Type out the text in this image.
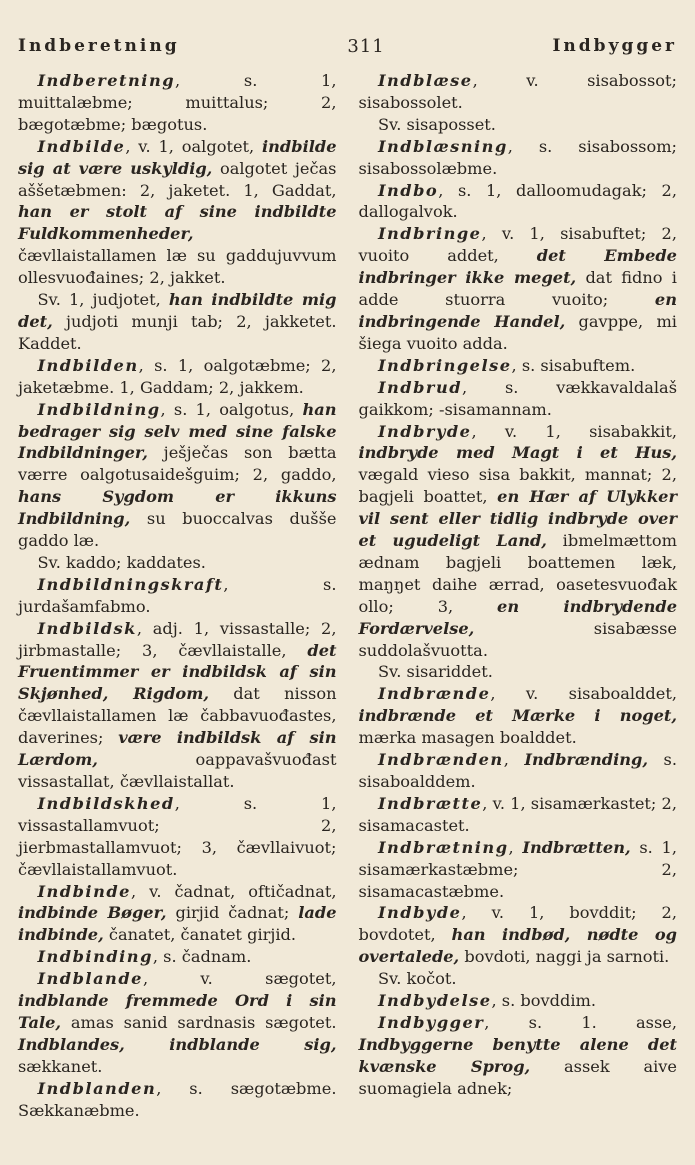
Indberetning	311	Indbygger

Indberetning, s. 1, muittalæbme; muittalus; 2, bægotæbme; bægotus.

Indbilde, v. 1, oalgotet, indbilde sig at være uskyldig, oalgotet ječas aššetæbmen: 2, jaketet. 1, Gaddat, han er stolt af sine indbildte Fuldkommenheder, čævllaistallamen læ su gaddujuvvum ollesvuođaines; 2, jakket.

Sv. 1, judjotet, han indbildte mig det, judjoti munji tab; 2, jakketet. Kaddet.

Indbilden, s. 1, oalgotæbme; 2, jaketæbme. 1, Gaddam; 2, jakkem.

Indbildning, s. 1, oalgotus, han bedrager sig selv med sine falske Indbildninger, ješječas son bætta værre oalgotusaidešguim; 2, gaddo, hans Sygdom er ikkuns Indbildning, su buoccalvas dušše gaddo læ.

Sv. kaddo; kaddates.

Indbildningskraft, s. jurdašamfabmo.

Indbildsk, adj. 1, vissastalle; 2, jirbmastalle; 3, čævllaistalle, det Fruentimmer er indbildsk af sin Skjønhed, Rigdom, dat nisson čævllaistallamen læ čabbavuođastes, daverines; være indbildsk af sin Lærdom, oappavašvuođast vissastallat, čævllaistallat.

Indbildskhed, s. 1, vissastallamvuot; 2, jierbmastallamvuot; 3, čævllaivuot; čævllaistallamvuot.

Indbinde, v. čadnat, oftičadnat, indbinde Bøger, girjid čadnat; lade indbinde, čanatet, čanatet girjid.

Indbinding, s. čadnam.

Indblande, v. sægotet, indblande fremmede Ord i sin Tale, amas sanid sardnasis sægotet. Indblandes, indblande sig, sækkanet.

Indblanden, s. sægotæbme. Sækkanæbme.

Indblæse, v. sisabossot; sisabossolet.

Sv. sisaposset.

Indblæsning, s. sisabossom; sisabossolæbme.

Indbo, s. 1, dalloomudagak; 2, dallogalvok.

Indbringe, v. 1, sisabuftet; 2, vuoito addet, det Embede indbringer ikke meget, dat fidno i adde stuorra vuoito; en indbringende Handel, gavppe, mi šiega vuoito adda.

Indbringelse, s. sisabuftem.

Indbrud, s. vækkavaldalaš gaikkom; -sisamannam.

Indbryde, v. 1, sisabakkit, indbryde med Magt i et Hus, vægald vieso sisa bakkit, mannat; 2, bagjeli boattet, en Hær af Ulykker vil sent eller tidlig indbryde over et ugudeligt Land, ibmelmættom ædnam bagjeli boattemen læk, maŋŋet daihe ærrad, oasetesvuođak ollo; 3, en indbrydende Fordærvelse, sisabæsse suddolašvuotta.

Sv. sisariddet.

Indbrænde, v. sisaboalddet, indbrænde et Mærke i noget, mærka masagen boalddet.

Indbrænden, Indbrænding, s. sisaboalddem.

Indbrætte, v. 1, sisamærkastet; 2, sisamacastet.

Indbrætning, Indbrætten, s. 1, sisamærkastæbme; 2, sisamacastæbme.

Indbyde, v. 1, bovddit; 2, bovdotet, han indbød, nødte og overtalede, bovdoti, naggi ja sarnoti.

Sv. kočot.

Indbydelse, s. bovddim.

Indbygger, s. 1. asse, Indbyggerne benytte alene det kvænske Sprog, assek aive suomagiela adnek;
